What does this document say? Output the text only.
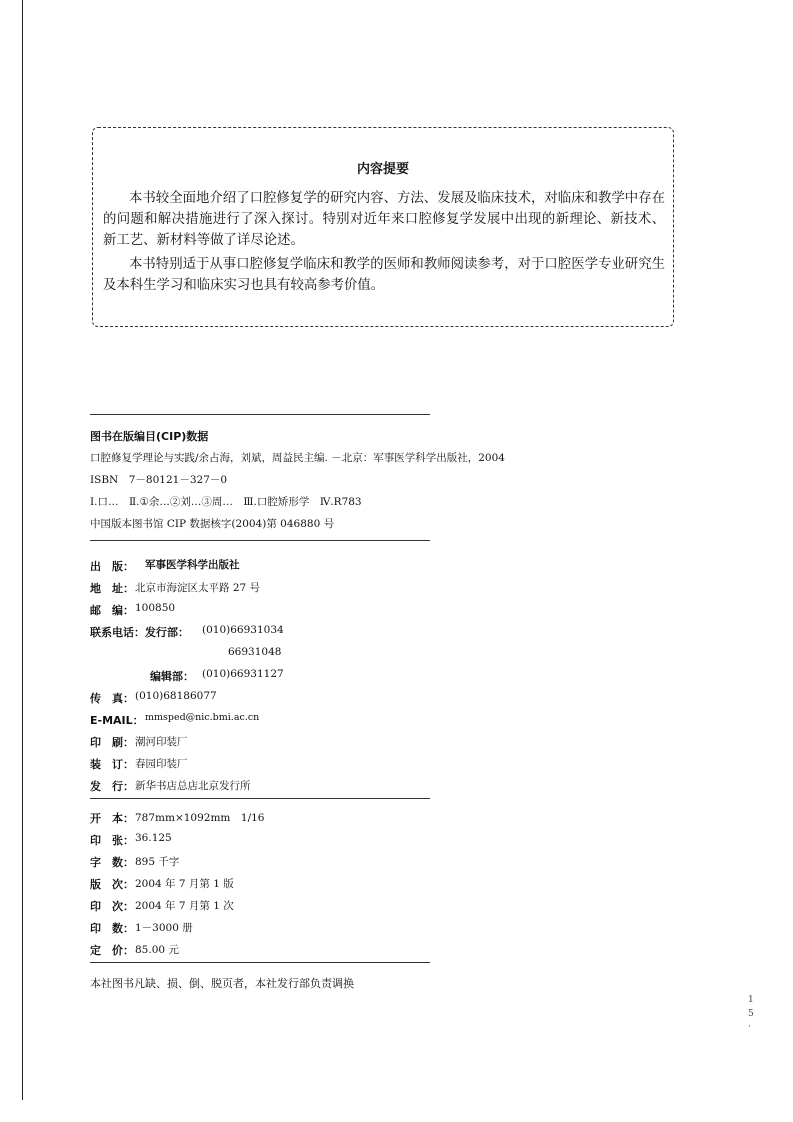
内容提要

本书较全面地介绍了口腔修复学的研究内容、方法、发展及临床技术，对临床和教学中存在的问题和解决措施进行了深入探讨。特别对近年来口腔修复学发展中出现的新理论、新技术、新工艺、新材料等做了详尽论述。

本书特别适于从事口腔修复学临床和教学的医师和教师阅读参考，对于口腔医学专业研究生及本科生学习和临床实习也具有较高参考价值。

图书在版编目(CIP)数据
口腔修复学理论与实践/余占海，刘斌，周益民主编. －北京：军事医学科学出版社，2004
ISBN　7－80121－327－0
Ⅰ.口…　Ⅱ.①余…②刘…③周…　Ⅲ.口腔矫形学　Ⅳ.R783
中国版本图书馆 CIP 数据核字(2004)第 046880 号
出　版： 军事医学科学出版社
地　址： 北京市海淀区太平路 27 号
邮　编： 100850
联系电话：发行部： (010)66931034
66931048
编辑部： (010)66931127
传　真： (010)68186077
E-MAIL： mmsped@nic.bmi.ac.cn
印　刷： 潮河印装厂
装　订： 春园印装厂
发　行： 新华书店总店北京发行所
开　本： 787mm×1092mm　1/16
印　张： 36.125
字　数： 895 千字
版　次： 2004 年 7 月第 1 版
印　次： 2004 年 7 月第 1 次
印　数： 1－3000 册
定　价： 85.00 元
本社图书凡缺、损、倒、脱页者，本社发行部负责调换
1
5
·
